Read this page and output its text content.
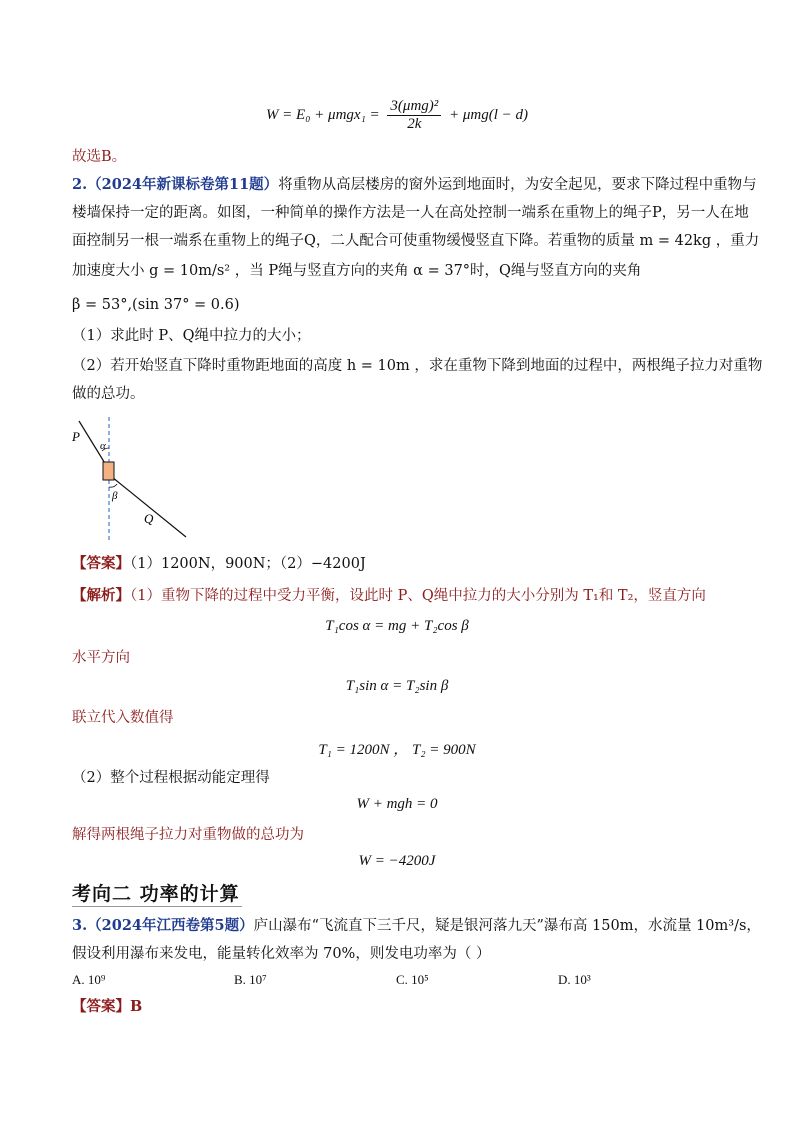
$W = E_0 + \mu mgx_1 = \frac{\text{3(μmg)²}}{2k} + \mu mg(l - d)$
故选B。
2.（2024年新课标卷第11题）将重物从高层楼房的窗外运到地面时，为安全起见，要求下降过程中重物与
楼墙保持一定的距离。如图，一种简单的操作方法是一人在高处控制一端系在重物上的绳子P，另一人在地
面控制另一根一端系在重物上的绳子Q，二人配合可使重物缓慢竖直下降。若重物的质量 m = 42kg ，重力
加速度大小 g = 10m/s² ，当 P绳与竖直方向的夹角 α = 37°时，Q绳与竖直方向的夹角
β = 53°,(sin 37° = 0.6)
（1）求此时 P、Q绳中拉力的大小；
（2）若开始竖直下降时重物距地面的高度 h = 10m ，求在重物下降到地面的过程中，两根绳子拉力对重物
做的总功。
P
α
β
Q
【答案】（1）1200N，900N；（2）−4200J
【解析】（1）重物下降的过程中受力平衡，设此时 P、Q绳中拉力的大小分别为 T₁和 T₂，竖直方向
T₁cos α = mg + T₂cos β
水平方向
T₁sin α = T₂sin β
联立代入数值得
T₁ = 1200N ， T₂ = 900N
（2）整个过程根据动能定理得
W + mgh = 0
解得两根绳子拉力对重物做的总功为
W = −4200J
考向二 功率的计算
3.（2024年江西卷第5题）庐山瀑布“飞流直下三千尺，疑是银河落九天”瀑布高 150m，水流量 10m³/s，
假设利用瀑布来发电，能量转化效率为 70%，则发电功率为（ ）
A. 10⁹	B. 10⁷	C. 10⁵	D. 10³
【答案】B
